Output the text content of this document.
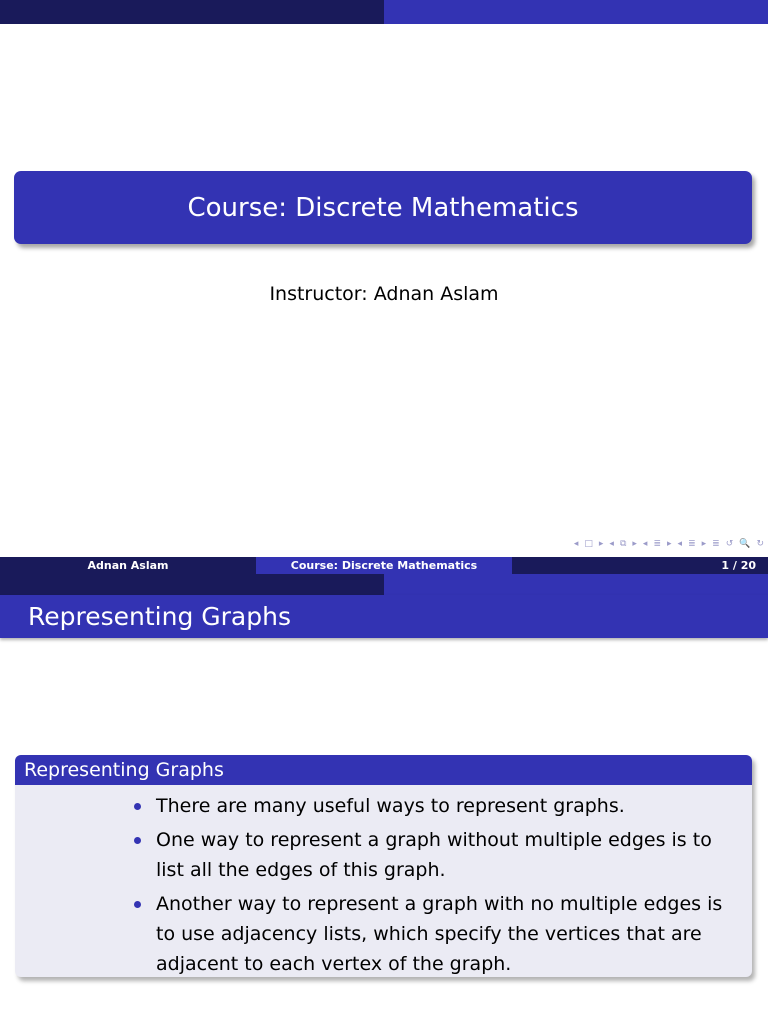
Course: Discrete Mathematics
Instructor: Adnan Aslam
◂ □ ▸ ◂ ⧉ ▸ ◂ ≣ ▸ ◂ ≣ ▸ ≣ ↺ 🔍 ↻
Adnan Aslam	Course: Discrete Mathematics	1 / 20
Representing Graphs
Representing Graphs
There are many useful ways to represent graphs.
One way to represent a graph without multiple edges is to list all the edges of this graph.
Another way to represent a graph with no multiple edges is to use adjacency lists, which specify the vertices that are adjacent to each vertex of the graph.
